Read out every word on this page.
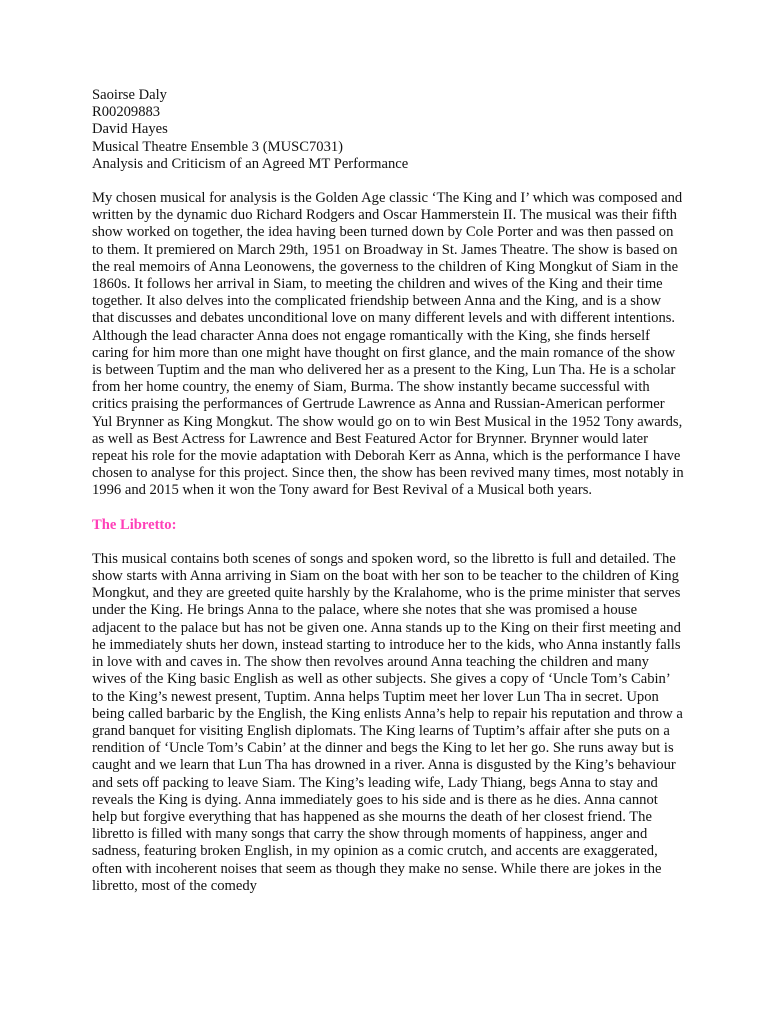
Saoirse Daly

R00209883

David Hayes

Musical Theatre Ensemble 3 (MUSC7031)

Analysis and Criticism of an Agreed MT Performance

My chosen musical for analysis is the Golden Age classic ‘The King and I’ which was composed and written by the dynamic duo Richard Rodgers and Oscar Hammerstein II. The musical was their fifth show worked on together, the idea having been turned down by Cole Porter and was then passed on to them. It premiered on March 29th, 1951 on Broadway in St. James Theatre. The show is based on the real memoirs of Anna Leonowens, the governess to the children of King Mongkut of Siam in the 1860s. It follows her arrival in Siam, to meeting the children and wives of the King and their time together. It also delves into the complicated friendship between Anna and the King, and is a show that discusses and debates unconditional love on many different levels and with different intentions. Although the lead character Anna does not engage romantically with the King, she finds herself caring for him more than one might have thought on first glance, and the main romance of the show is between Tuptim and the man who delivered her as a present to the King, Lun Tha. He is a scholar from her home country, the enemy of Siam, Burma. The show instantly became successful with critics praising the performances of Gertrude Lawrence as Anna and Russian-American performer Yul Brynner as King Mongkut. The show would go on to win Best Musical in the 1952 Tony awards, as well as Best Actress for Lawrence and Best Featured Actor for Brynner. Brynner would later repeat his role for the movie adaptation with Deborah Kerr as Anna, which is the performance I have chosen to analyse for this project. Since then, the show has been revived many times, most notably in 1996 and 2015 when it won the Tony award for Best Revival of a Musical both years.

The Libretto:

This musical contains both scenes of songs and spoken word, so the libretto is full and detailed. The show starts with Anna arriving in Siam on the boat with her son to be teacher to the children of King Mongkut, and they are greeted quite harshly by the Kralahome, who is the prime minister that serves under the King. He brings Anna to the palace, where she notes that she was promised a house adjacent to the palace but has not be given one. Anna stands up to the King on their first meeting and he immediately shuts her down, instead starting to introduce her to the kids, who Anna instantly falls in love with and caves in. The show then revolves around Anna teaching the children and many wives of the King basic English as well as other subjects. She gives a copy of ‘Uncle Tom’s Cabin’ to the King’s newest present, Tuptim. Anna helps Tuptim meet her lover Lun Tha in secret. Upon being called barbaric by the English, the King enlists Anna’s help to repair his reputation and throw a grand banquet for visiting English diplomats. The King learns of Tuptim’s affair after she puts on a rendition of ‘Uncle Tom’s Cabin’ at the dinner and begs the King to let her go. She runs away but is caught and we learn that Lun Tha has drowned in a river. Anna is disgusted by the King’s behaviour and sets off packing to leave Siam. The King’s leading wife, Lady Thiang, begs Anna to stay and reveals the King is dying. Anna immediately goes to his side and is there as he dies. Anna cannot help but forgive everything that has happened as she mourns the death of her closest friend. The libretto is filled with many songs that carry the show through moments of happiness, anger and sadness, featuring broken English, in my opinion as a comic crutch, and accents are exaggerated, often with incoherent noises that seem as though they make no sense. While there are jokes in the libretto, most of the comedy
